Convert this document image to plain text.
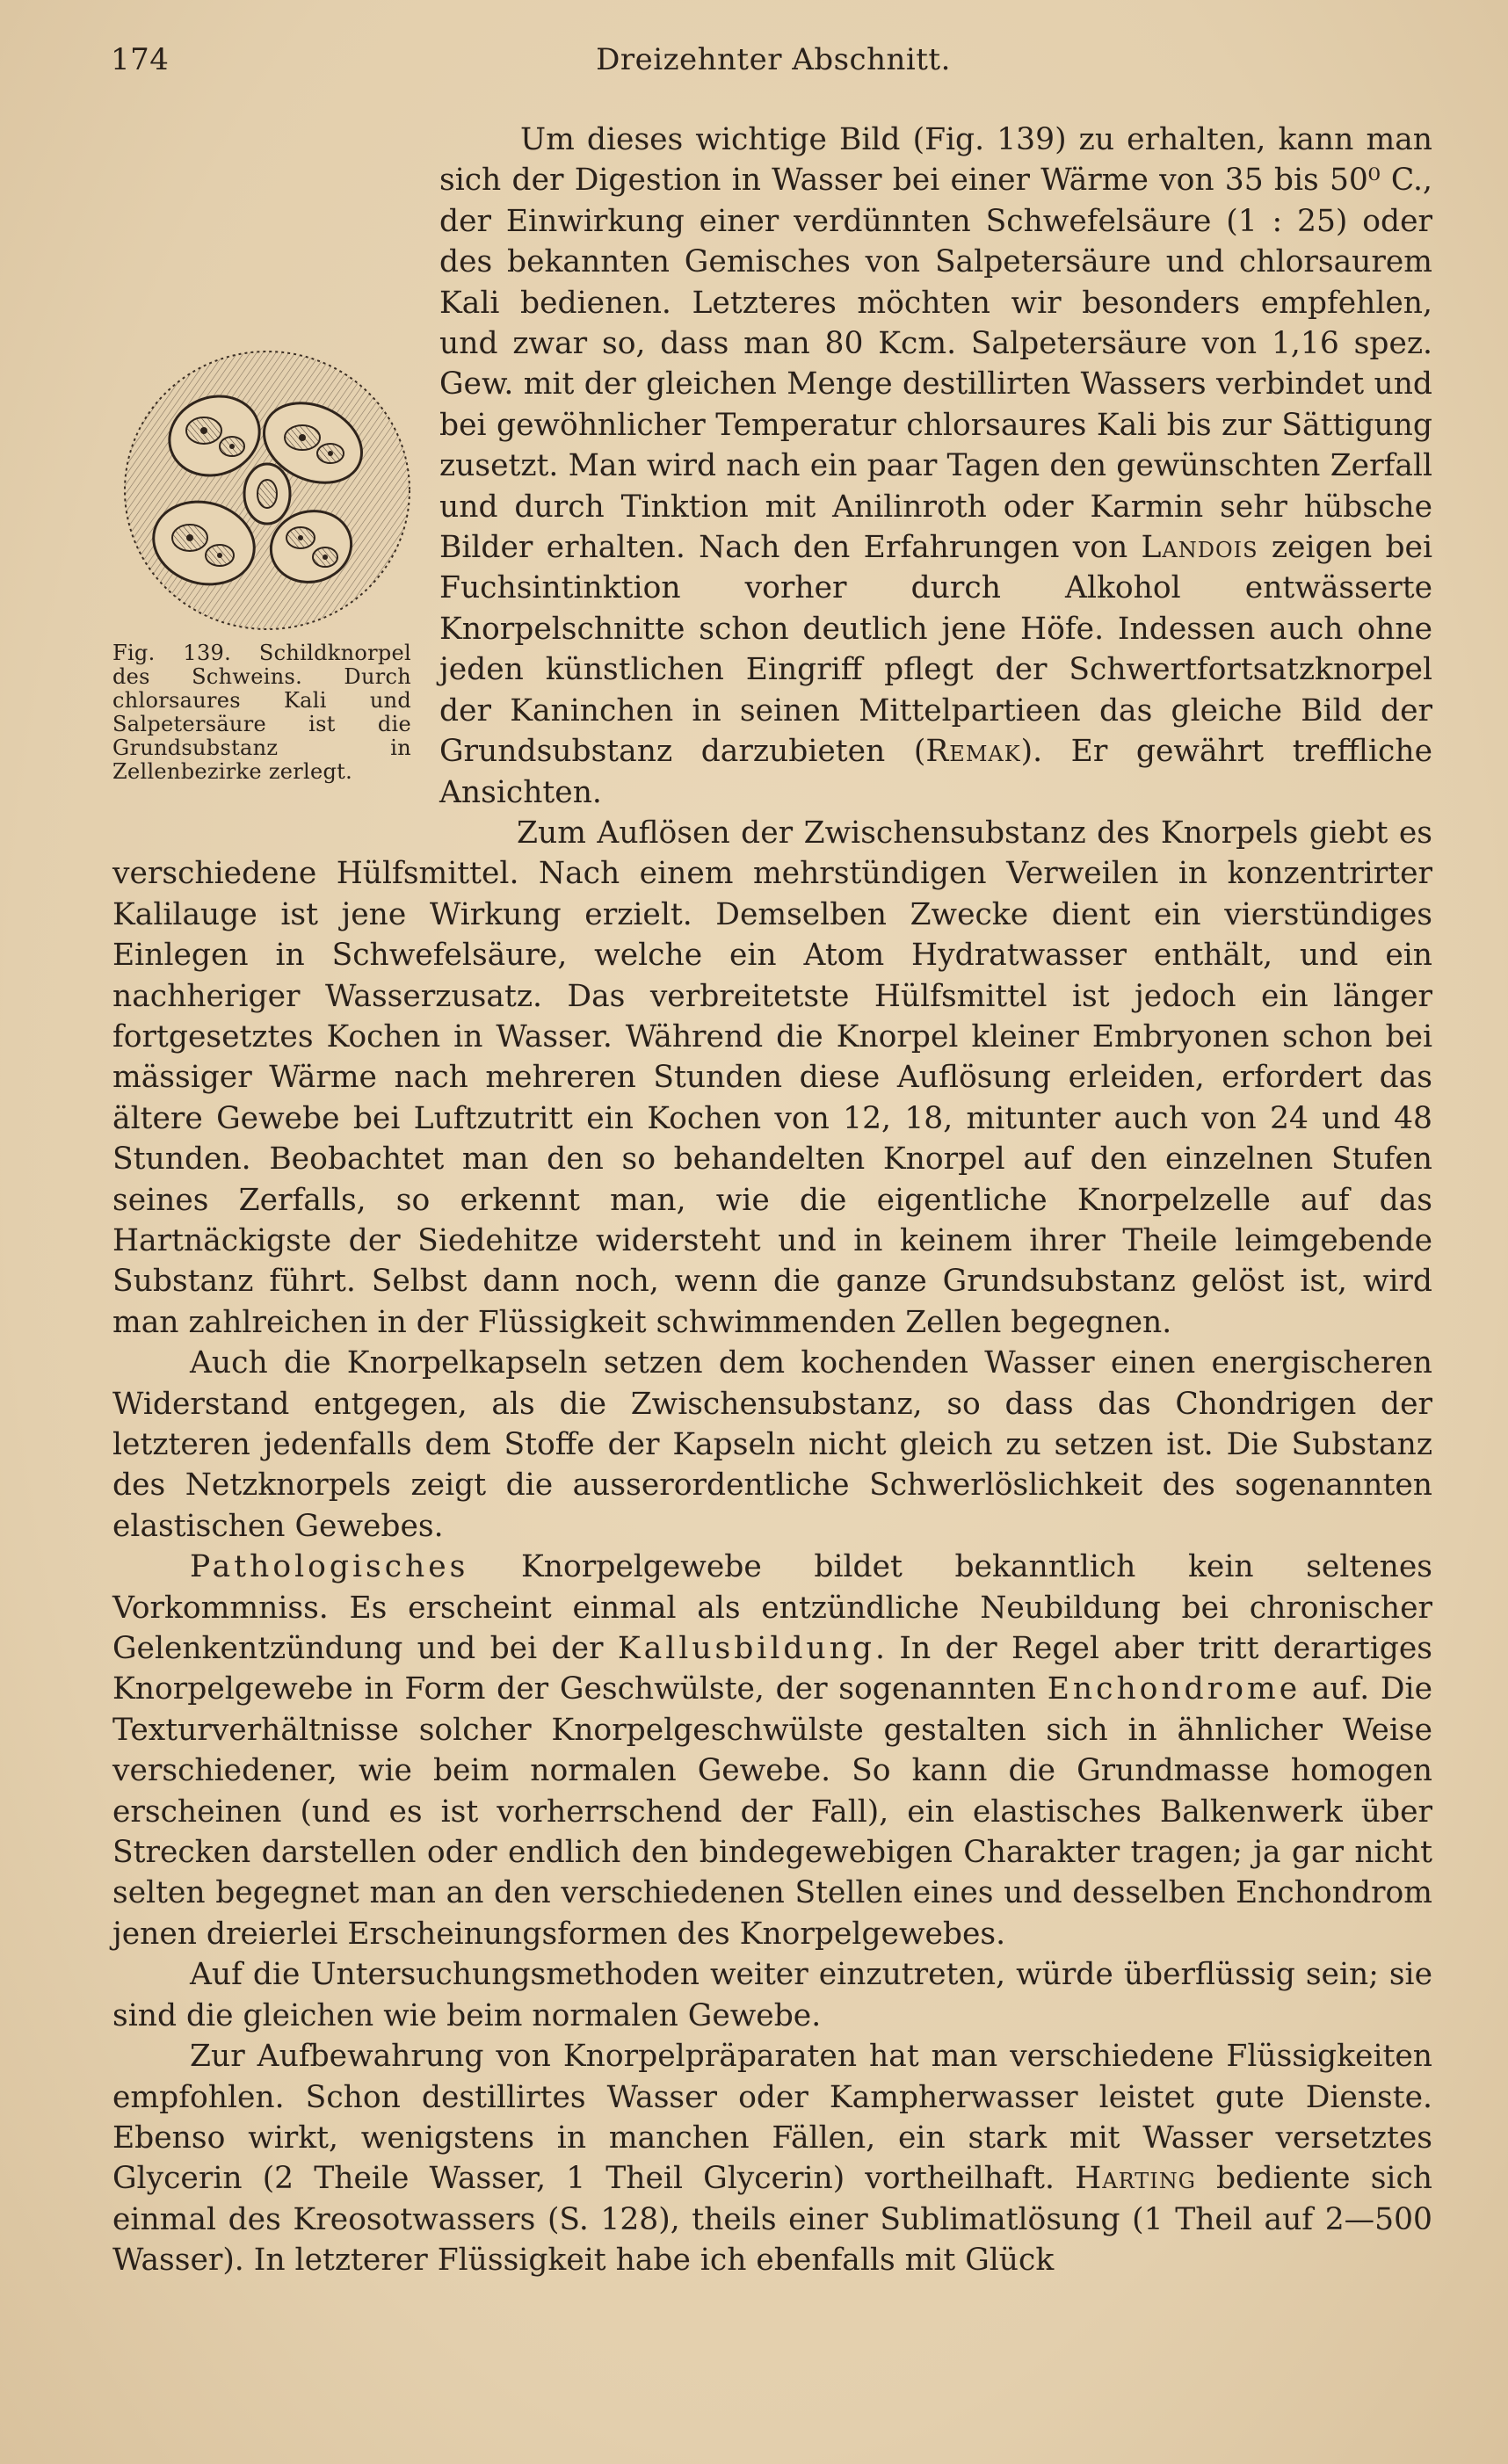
174	Dreizehnter Abschnitt.
Fig. 139. Schildknorpel des Schweins. Durch chlorsaures Kali und Salpetersäure ist die Grundsubstanz in Zellenbezirke zerlegt.

Um dieses wichtige Bild (Fig. 139) zu erhalten, kann man sich der Digestion in Wasser bei einer Wärme von 35 bis 50⁰ C., der Einwirkung einer verdünnten Schwefelsäure (1 : 25) oder des bekannten Gemisches von Salpetersäure und chlorsaurem Kali bedienen. Letzteres möchten wir besonders empfehlen, und zwar so, dass man 80 Kcm. Salpetersäure von 1,16 spez. Gew. mit der gleichen Menge destillirten Wassers verbindet und bei gewöhnlicher Temperatur chlorsaures Kali bis zur Sättigung zusetzt. Man wird nach ein paar Tagen den gewünschten Zerfall und durch Tinktion mit Anilinroth oder Karmin sehr hübsche Bilder erhalten. Nach den Erfahrungen von Landois zeigen bei Fuchsintinktion vorher durch Alkohol entwässerte Knorpelschnitte schon deutlich jene Höfe. Indessen auch ohne jeden künstlichen Eingriff pflegt der Schwertfortsatzknorpel der Kaninchen in seinen Mittelpartieen das gleiche Bild der Grundsubstanz darzubieten (Remak). Er gewährt treffliche Ansichten.

Zum Auflösen der Zwischensubstanz des Knorpels giebt es verschiedene Hülfsmittel. Nach einem mehrstündigen Verweilen in konzentrirter Kalilauge ist jene Wirkung erzielt. Demselben Zwecke dient ein vierstündiges Einlegen in Schwefelsäure, welche ein Atom Hydratwasser enthält, und ein nachheriger Wasserzusatz. Das verbreitetste Hülfsmittel ist jedoch ein länger fortgesetztes Kochen in Wasser. Während die Knorpel kleiner Embryonen schon bei mässiger Wärme nach mehreren Stunden diese Auflösung erleiden, erfordert das ältere Gewebe bei Luftzutritt ein Kochen von 12, 18, mitunter auch von 24 und 48 Stunden. Beobachtet man den so behandelten Knorpel auf den einzelnen Stufen seines Zerfalls, so erkennt man, wie die eigentliche Knorpelzelle auf das Hartnäckigste der Siedehitze widersteht und in keinem ihrer Theile leimgebende Substanz führt. Selbst dann noch, wenn die ganze Grundsubstanz gelöst ist, wird man zahlreichen in der Flüssigkeit schwimmenden Zellen begegnen.

Auch die Knorpelkapseln setzen dem kochenden Wasser einen energischeren Widerstand entgegen, als die Zwischensubstanz, so dass das Chondrigen der letzteren jedenfalls dem Stoffe der Kapseln nicht gleich zu setzen ist. Die Substanz des Netzknorpels zeigt die ausserordentliche Schwerlöslichkeit des sogenannten elastischen Gewebes.

Pathologisches Knorpelgewebe bildet bekanntlich kein seltenes Vorkommniss. Es erscheint einmal als entzündliche Neubildung bei chronischer Gelenkentzündung und bei der Kallusbildung. In der Regel aber tritt derartiges Knorpelgewebe in Form der Geschwülste, der sogenannten Enchondrome auf. Die Texturverhältnisse solcher Knorpelgeschwülste gestalten sich in ähnlicher Weise verschiedener, wie beim normalen Gewebe. So kann die Grundmasse homogen erscheinen (und es ist vorherrschend der Fall), ein elastisches Balkenwerk über Strecken darstellen oder endlich den bindegewebigen Charakter tragen; ja gar nicht selten begegnet man an den verschiedenen Stellen eines und desselben Enchondrom jenen dreierlei Erscheinungsformen des Knorpelgewebes.

Auf die Untersuchungsmethoden weiter einzutreten, würde überflüssig sein; sie sind die gleichen wie beim normalen Gewebe.

Zur Aufbewahrung von Knorpelpräparaten hat man verschiedene Flüssigkeiten empfohlen. Schon destillirtes Wasser oder Kampherwasser leistet gute Dienste. Ebenso wirkt, wenigstens in manchen Fällen, ein stark mit Wasser versetztes Glycerin (2 Theile Wasser, 1 Theil Glycerin) vortheilhaft. Harting bediente sich einmal des Kreosotwassers (S. 128), theils einer Sublimatlösung (1 Theil auf 2—500 Wasser). In letzterer Flüssigkeit habe ich ebenfalls mit Glück
